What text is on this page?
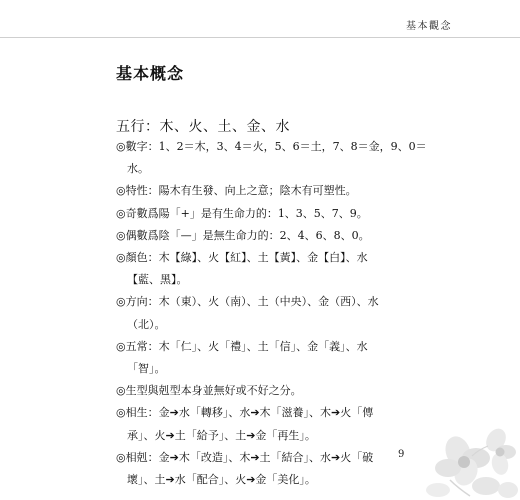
基本觀念
基本概念
五行：木、火、土、金、水
◎數字：1、2＝木，3、4＝火，5、6＝土，7、8＝金，9、0＝
水。
◎特性：陽木有生發、向上之意；陰木有可塑性。
◎奇數爲陽「+」是有生命力的：1、3、5、7、9。
◎偶數爲陰「—」是無生命力的：2、4、6、8、0。
◎顏色：木【綠】、火【紅】、土【黃】、金【白】、水
【藍、黑】。
◎方向：木（東）、火（南）、土（中央）、金（西）、水
（北）。
◎五常：木「仁」、火「禮」、土「信」、金「義」、水
「智」。
◎生型與剋型本身並無好或不好之分。
◎相生：金➔水「轉移」、水➔木「滋養」、木➔火「傳
承」、火➔土「給予」、土➔金「再生」。
◎相剋：金➔木「改造」、木➔土「結合」、水➔火「破
壞」、土➔水「配合」、火➔金「美化」。
9
